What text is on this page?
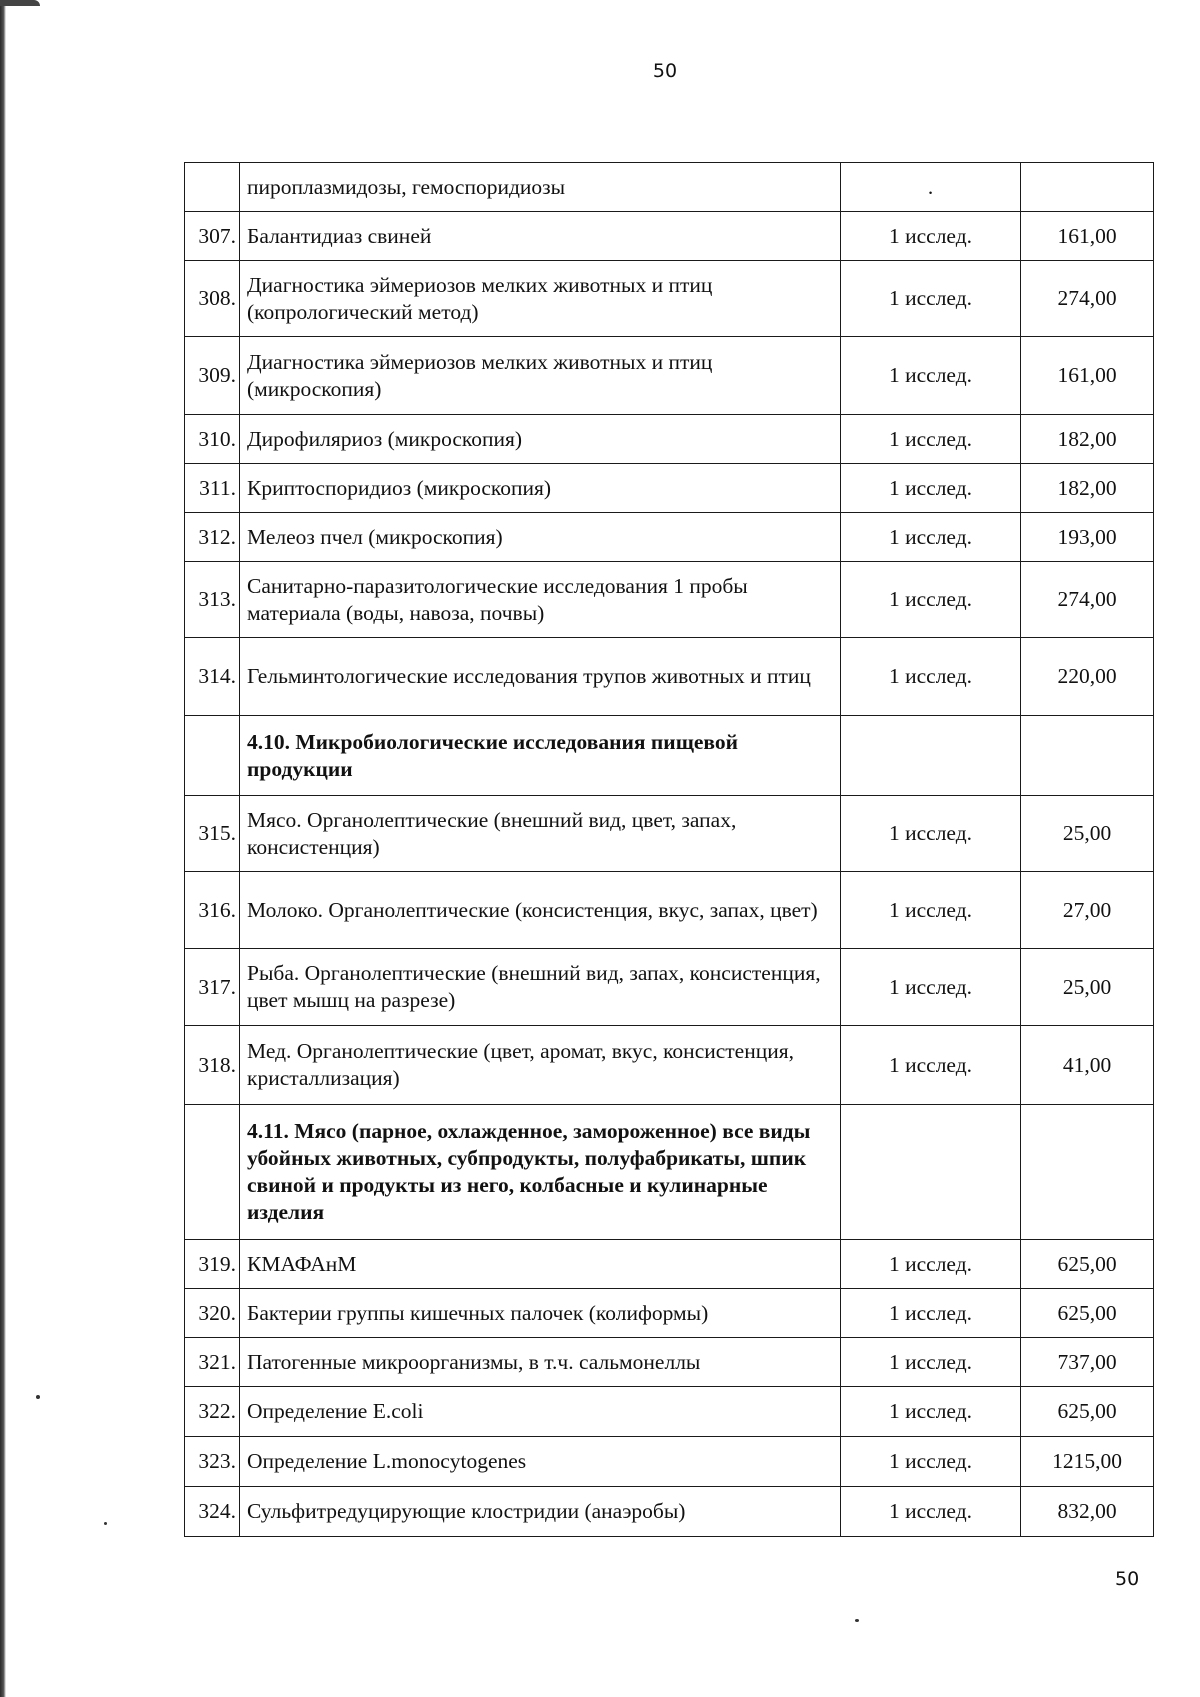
50
	пироплазмидозы, гемоспоридиозы	.	
307.	Балантидиаз свиней	1 исслед.	161,00
308.	Диагностика эймериозов мелких животных и птиц (копрологический метод)	1 исслед.	274,00
309.	Диагностика эймериозов мелких животных и птиц (микроскопия)	1 исслед.	161,00
310.	Дирофиляриоз (микроскопия)	1 исслед.	182,00
311.	Криптоспоридиоз (микроскопия)	1 исслед.	182,00
312.	Мелеоз пчел (микроскопия)	1 исслед.	193,00
313.	Санитарно-паразитологические исследования 1 пробы материала (воды, навоза, почвы)	1 исслед.	274,00
314.	Гельминтологические исследования трупов животных и птиц	1 исслед.	220,00
	4.10. Микробиологические исследования пищевой продукции		
315.	Мясо. Органолептические (внешний вид, цвет, запах, консистенция)	1 исслед.	25,00
316.	Молоко. Органолептические (консистенция, вкус, запах, цвет)	1 исслед.	27,00
317.	Рыба. Органолептические (внешний вид, запах, консистенция, цвет мышц на разрезе)	1 исслед.	25,00
318.	Мед. Органолептические (цвет, аромат, вкус, консистенция, кристаллизация)	1 исслед.	41,00
	4.11. Мясо (парное, охлажденное, замороженное) все виды убойных животных, субпродукты, полуфабрикаты, шпик свиной и продукты из него, колбасные и кулинарные изделия		
319.	КМАФАнМ	1 исслед.	625,00
320.	Бактерии группы кишечных палочек (колиформы)	1 исслед.	625,00
321.	Патогенные микроорганизмы, в т.ч. сальмонеллы	1 исслед.	737,00
322.	Определение E.coli	1 исслед.	625,00
323.	Определение L.monocytogenes	1 исслед.	1215,00
324.	Сульфитредуцирующие клостридии (анаэробы)	1 исслед.	832,00
50
